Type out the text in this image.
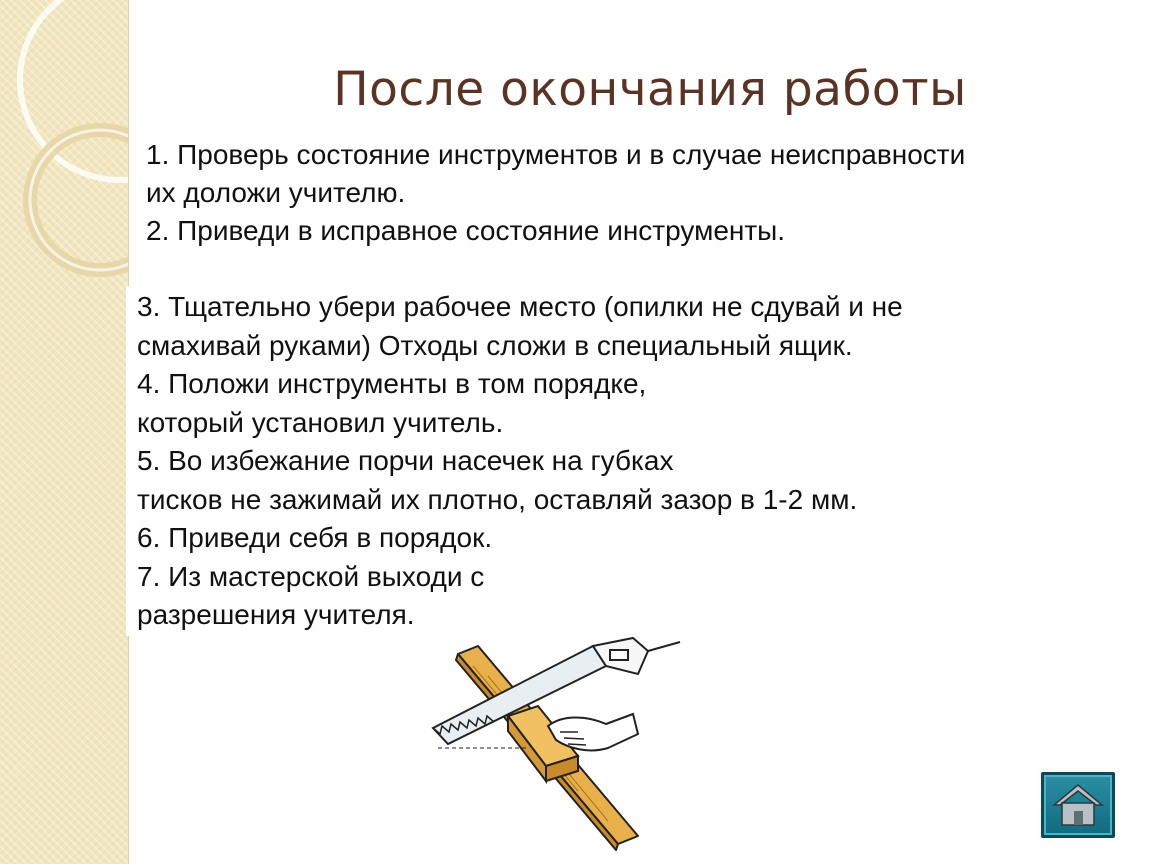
После окончания работы
1. Проверь состояние инструментов и в случае неисправности
их доложи учителю.
2. Приведи в исправное состояние инструменты.
3. Тщательно убери рабочее место (опилки не сдувай и не
смахивай руками) Отходы сложи в специальный ящик.
4. Положи инструменты в том порядке,
который установил учитель.
5. Во избежание порчи насечек на губках
тисков не зажимай их плотно, оставляй зазор в 1-2 мм.
6. Приведи себя в порядок.
7. Из мастерской выходи с
разрешения учителя.
